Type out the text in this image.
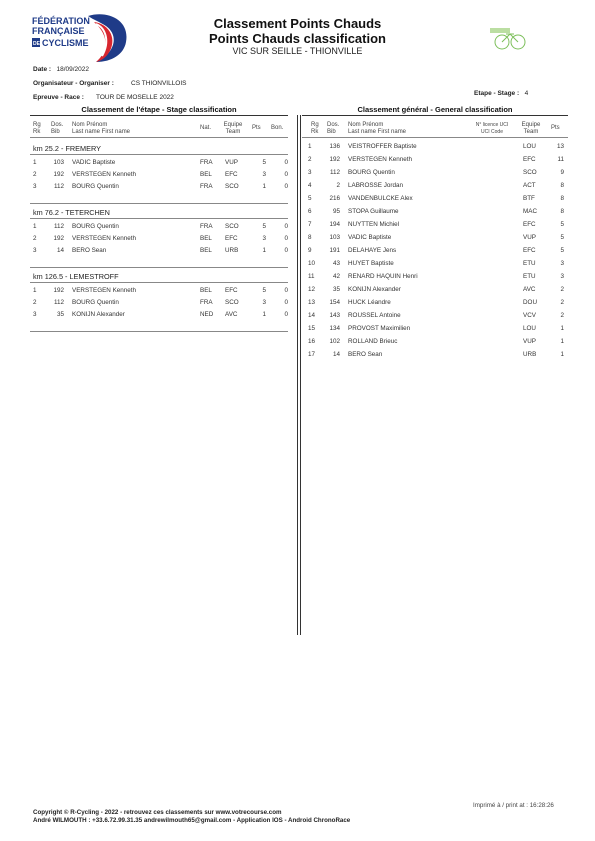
FÉDÉRATION
FRANÇAISE
DE CYCLISME
Classement Points Chauds
Points Chauds classification
VIC SUR SEILLE - THIONVILLE
Date : 18/09/2022
Organisateur - Organiser :	CS THIONVILLOIS
Epreuve - Race : TOUR DE MOSELLE 2022
Etape - Stage : 4
Classement de l'étape - Stage classification	Classement général - General classification
Rg
Rk
Dos.
Bib
Nom Prénom
Last name First name
Nat. Equipe
Team
Pts Bon.	Rg
Rk
Dos.
Bib
Nom Prénom
Last name First name
N° licence UCI
UCI Code
Equipe
Team
Pts
km 25.2 - FREMERY
1	103 VADIC Baptiste	FRA	VUP	5	0
2	192 VERSTEGEN Kenneth	BEL	EFC	3	0
3	112 BOURG Quentin	FRA	SCO	1	0
km 76.2 - TETERCHEN
1	112 BOURG Quentin	FRA	SCO	5	0
2	192 VERSTEGEN Kenneth	BEL	EFC	3	0
3	14 BERO Sean	BEL	URB	1	0
km 126.5 - LEMESTROFF
1	192 VERSTEGEN Kenneth	BEL	EFC	5	0
2	112 BOURG Quentin	FRA	SCO	3	0
3	35 KONIJN Alexander	NED	AVC	1	0
1	136 VEISTROFFER Baptiste	LOU	13
2	192 VERSTEGEN Kenneth	EFC	11
3	112 BOURG Quentin	SCO	9
4	2 LABROSSE Jordan	ACT	8
5	216 VANDENBULCKE Alex	BTF	8
6	95 STOPA Guillaume	MAC	8
7	194 NUYTTEN Michiel	EFC	5
8	103 VADIC Baptiste	VUP	5
9	191 DELAHAYE Jens	EFC	5
10	43 HUYET Baptiste	ETU	3
11	42 RENARD HAQUIN Henri	ETU	3
12	35 KONIJN Alexander	AVC	2
13	154 HUCK Léandre	DOU	2
14	143 ROUSSEL Antoine	VCV	2
15	134 PROVOST Maximilien	LOU	1
16	102 ROLLAND Brieuc	VUP	1
17	14 BERO Sean	URB	1
Imprimé à / print at : 16:28:26
Copyright © R-Cycling - 2022 - retrouvez ces classements sur www.votrecourse.com
André WILMOUTH : +33.6.72.99.31.35 andrewilmouth65@gmail.com - Application IOS - Android ChronoRace
